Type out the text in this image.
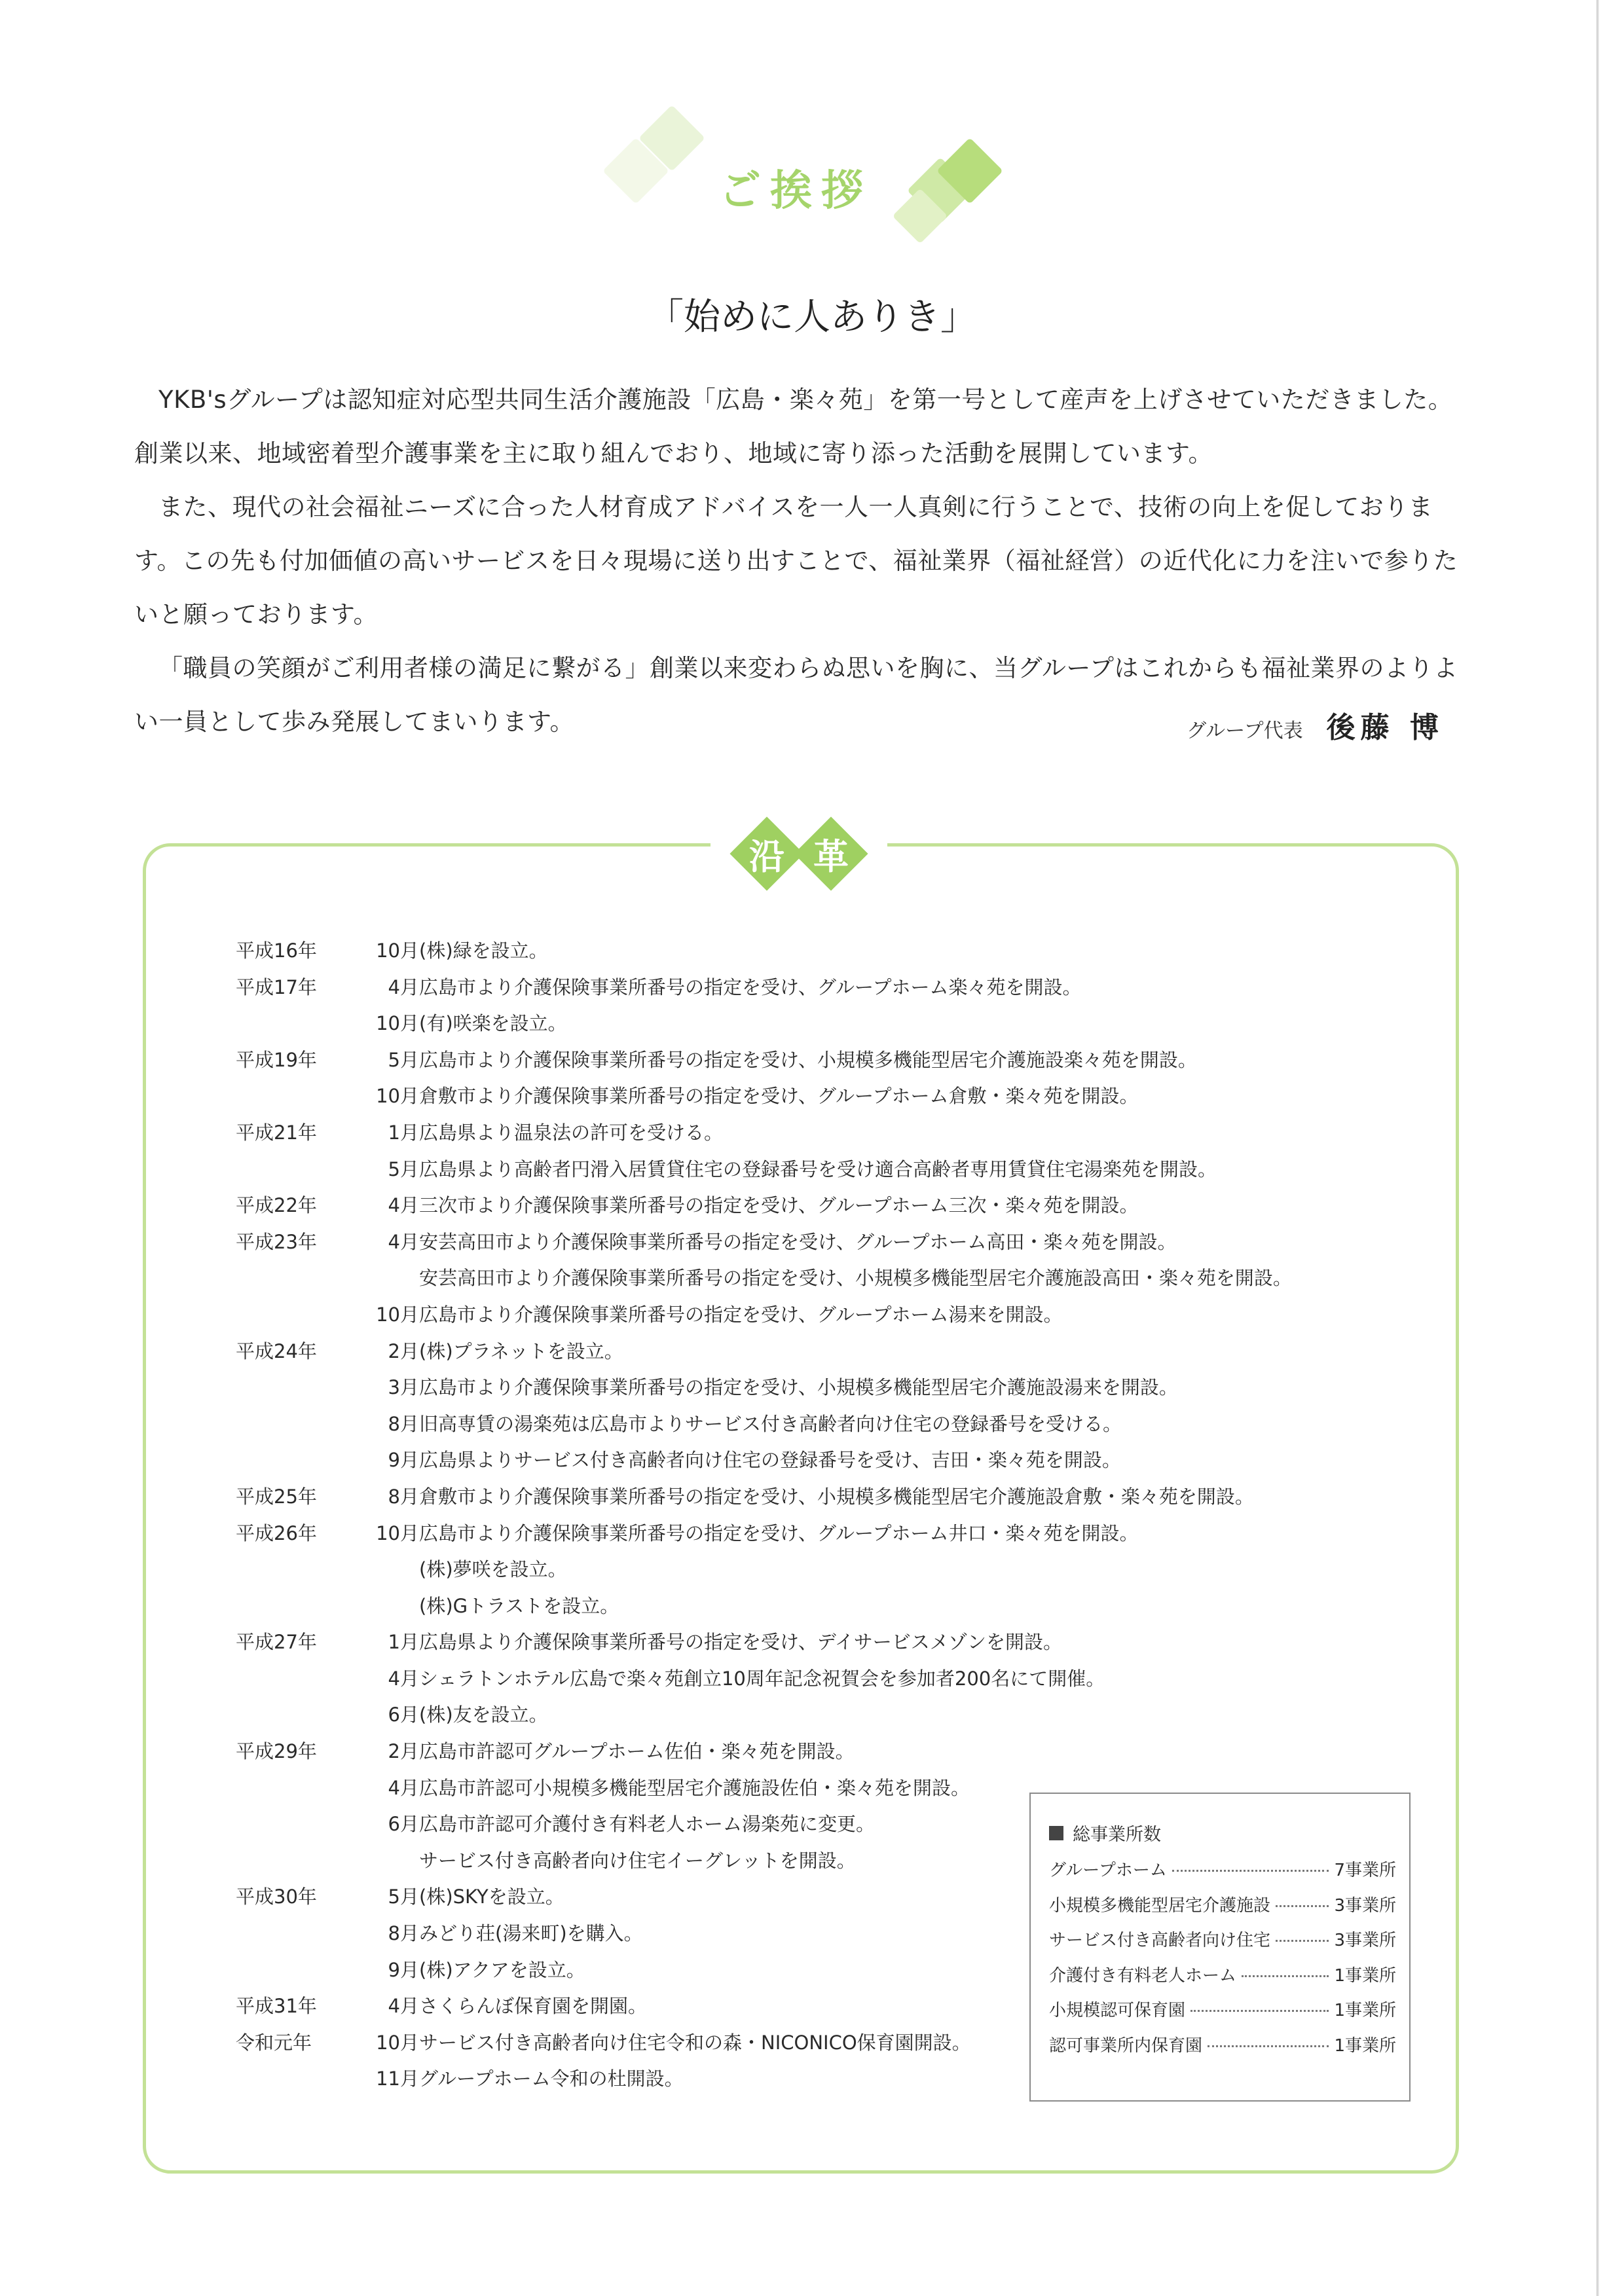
ご挨拶
「始めに人ありき」

YKB'sグループは認知症対応型共同生活介護施設「広島・楽々苑」を第一号として産声を上げさせていただきました。創業以来、地域密着型介護事業を主に取り組んでおり、地域に寄り添った活動を展開しています。

また、現代の社会福祉ニーズに合った人材育成アドバイスを一人一人真剣に行うことで、技術の向上を促しております。この先も付加価値の高いサービスを日々現場に送り出すことで、福祉業界（福祉経営）の近代化に力を注いで参りたいと願っております。

「職員の笑顔がご利用者様の満足に繋がる」創業以来変わらぬ思いを胸に、当グループはこれからも福祉業界のよりよい一員として歩み発展してまいります。	グループ代表 後藤 博
沿 革
平成16年	10月 (株)緑を設立。
平成17年	4月 広島市より介護保険事業所番号の指定を受け、グループホーム楽々苑を開設。
10月 (有)咲楽を設立。
平成19年	5月 広島市より介護保険事業所番号の指定を受け、小規模多機能型居宅介護施設楽々苑を開設。
10月 倉敷市より介護保険事業所番号の指定を受け、グループホーム倉敷・楽々苑を開設。
平成21年	1月 広島県より温泉法の許可を受ける。
5月 広島県より高齢者円滑入居賃貸住宅の登録番号を受け適合高齢者専用賃貸住宅湯楽苑を開設。
平成22年	4月 三次市より介護保険事業所番号の指定を受け、グループホーム三次・楽々苑を開設。
平成23年	4月 安芸高田市より介護保険事業所番号の指定を受け、グループホーム高田・楽々苑を開設。
安芸高田市より介護保険事業所番号の指定を受け、小規模多機能型居宅介護施設高田・楽々苑を開設。
10月 広島市より介護保険事業所番号の指定を受け、グループホーム湯来を開設。
平成24年	2月 (株)プラネットを設立。
3月 広島市より介護保険事業所番号の指定を受け、小規模多機能型居宅介護施設湯来を開設。
8月 旧高専賃の湯楽苑は広島市よりサービス付き高齢者向け住宅の登録番号を受ける。
9月 広島県よりサービス付き高齢者向け住宅の登録番号を受け、吉田・楽々苑を開設。
平成25年	8月 倉敷市より介護保険事業所番号の指定を受け、小規模多機能型居宅介護施設倉敷・楽々苑を開設。
平成26年	10月 広島市より介護保険事業所番号の指定を受け、グループホーム井口・楽々苑を開設。
(株)夢咲を設立。
(株)Gトラストを設立。
平成27年	1月 広島県より介護保険事業所番号の指定を受け、デイサービスメゾンを開設。
4月 シェラトンホテル広島で楽々苑創立10周年記念祝賀会を参加者200名にて開催。
6月 (株)友を設立。
平成29年	2月 広島市許認可グループホーム佐伯・楽々苑を開設。
4月 広島市許認可小規模多機能型居宅介護施設佐伯・楽々苑を開設。
6月 広島市許認可介護付き有料老人ホーム湯楽苑に変更。
サービス付き高齢者向け住宅イーグレットを開設。
平成30年	5月 (株)SKYを設立。
8月 みどり荘(湯来町)を購入。
9月 (株)アクアを設立。
平成31年	4月 さくらんぼ保育園を開園。
令和元年	10月 サービス付き高齢者向け住宅令和の森・NICONICO保育園開設。
11月 グループホーム令和の杜開設。
総事業所数
グループホーム	7事業所
小規模多機能型居宅介護施設	3事業所
サービス付き高齢者向け住宅	3事業所
介護付き有料老人ホーム	1事業所
小規模認可保育園	1事業所
認可事業所内保育園	1事業所
